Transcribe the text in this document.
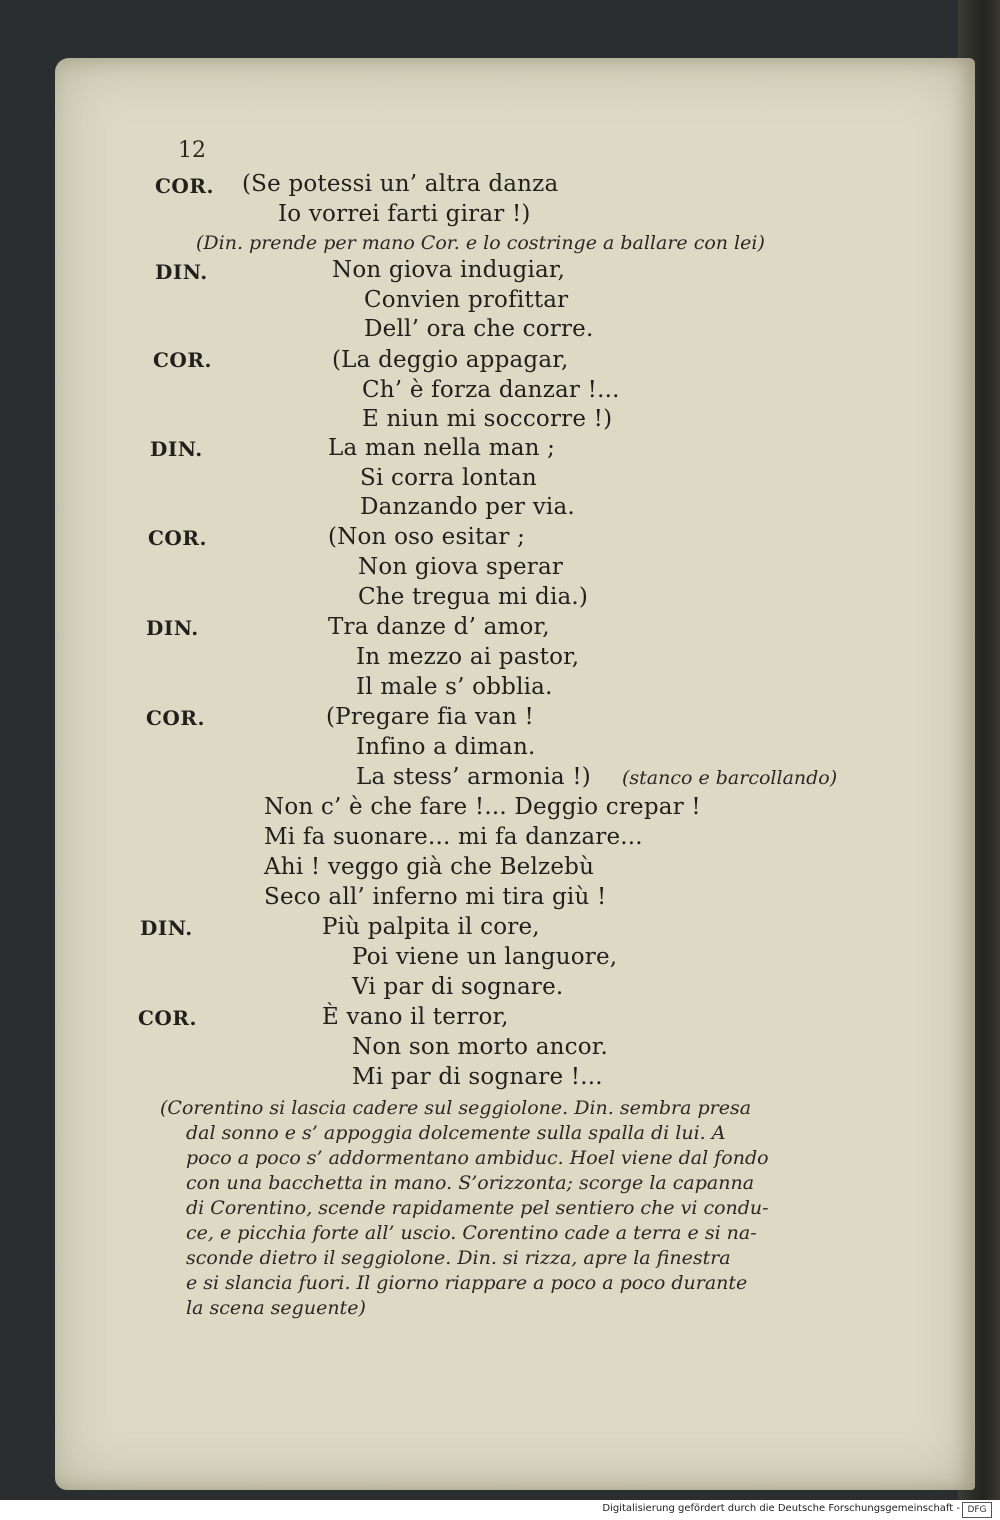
12
COR. (Se potessi un’ altra danza
Io vorrei farti girar !)
(Din. prende per mano Cor. e lo costringe a ballare con lei)
DIN.	Non giova indugiar,
Convien profittar
Dell’ ora che corre.
COR.	(La deggio appagar,
Ch’ è forza danzar !...
E niun mi soccorre !)
DIN.	La man nella man ;
Si corra lontan
Danzando per via.
COR.	(Non oso esitar ;
Non giova sperar
Che tregua mi dia.)
DIN.	Tra danze d’ amor,
In mezzo ai pastor,
Il male s’ obblia.
COR.	(Pregare fia van !
Infino a diman.
La stess’ armonia !) (stanco e barcollando)
Non c’ è che fare !... Deggio crepar !
Mi fa suonare... mi fa danzare...
Ahi ! veggo già che Belzebù
Seco all’ inferno mi tira giù !
DIN.	Più palpita il core,
Poi viene un languore,
Vi par di sognare.
COR.	È vano il terror,
Non son morto ancor.
Mi par di sognare !...
(Corentino si lascia cadere sul seggiolone. Din. sembra presa
dal sonno e s’ appoggia dolcemente sulla spalla di lui. A
poco a poco s’ addormentano ambiduc. Hoel viene dal fondo
con una bacchetta in mano. S’orizzonta; scorge la capanna
di Corentino, scende rapidamente pel sentiero che vi condu-
ce, e picchia forte all’ uscio. Corentino cade a terra e si na-
sconde dietro il seggiolone. Din. si rizza, apre la finestra
e si slancia fuori. Il giorno riappare a poco a poco durante
la scena seguente)
Digitalisierung gefördert durch die Deutsche Forschungsgemeinschaft - DFG
